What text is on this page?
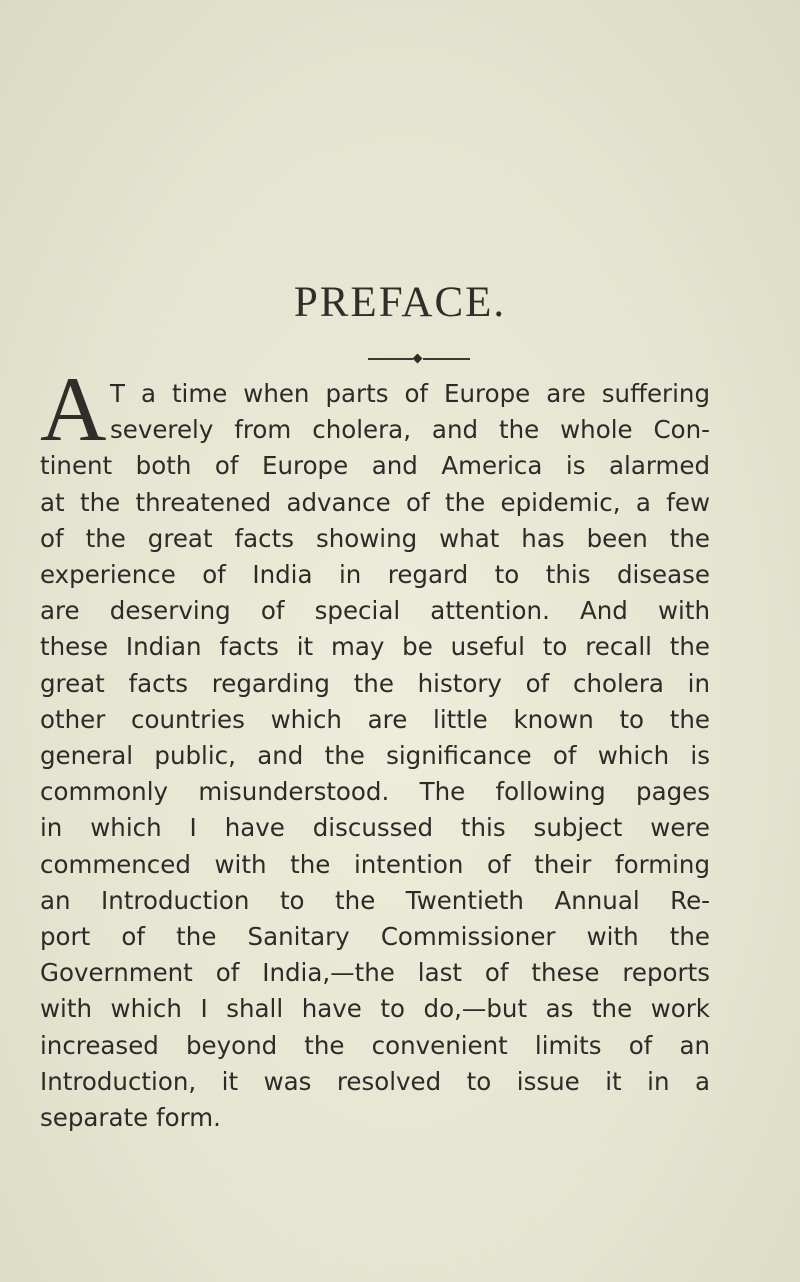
PREFACE.
A T a time when parts of Europe are suffering
severely from cholera, and the whole Con-
tinent both of Europe and America is alarmed
at the threatened advance of the epidemic, a few
of the great facts showing what has been the
experience of India in regard to this disease
are deserving of special attention. And with
these Indian facts it may be useful to recall the
great facts regarding the history of cholera in
other countries which are little known to the
general public, and the significance of which is
commonly misunderstood. The following pages
in which I have discussed this subject were
commenced with the intention of their forming
an Introduction to the Twentieth Annual Re-
port of the Sanitary Commissioner with the
Government of India,—the last of these reports
with which I shall have to do,—but as the work
increased beyond the convenient limits of an
Introduction, it was resolved to issue it in a
separate form.
